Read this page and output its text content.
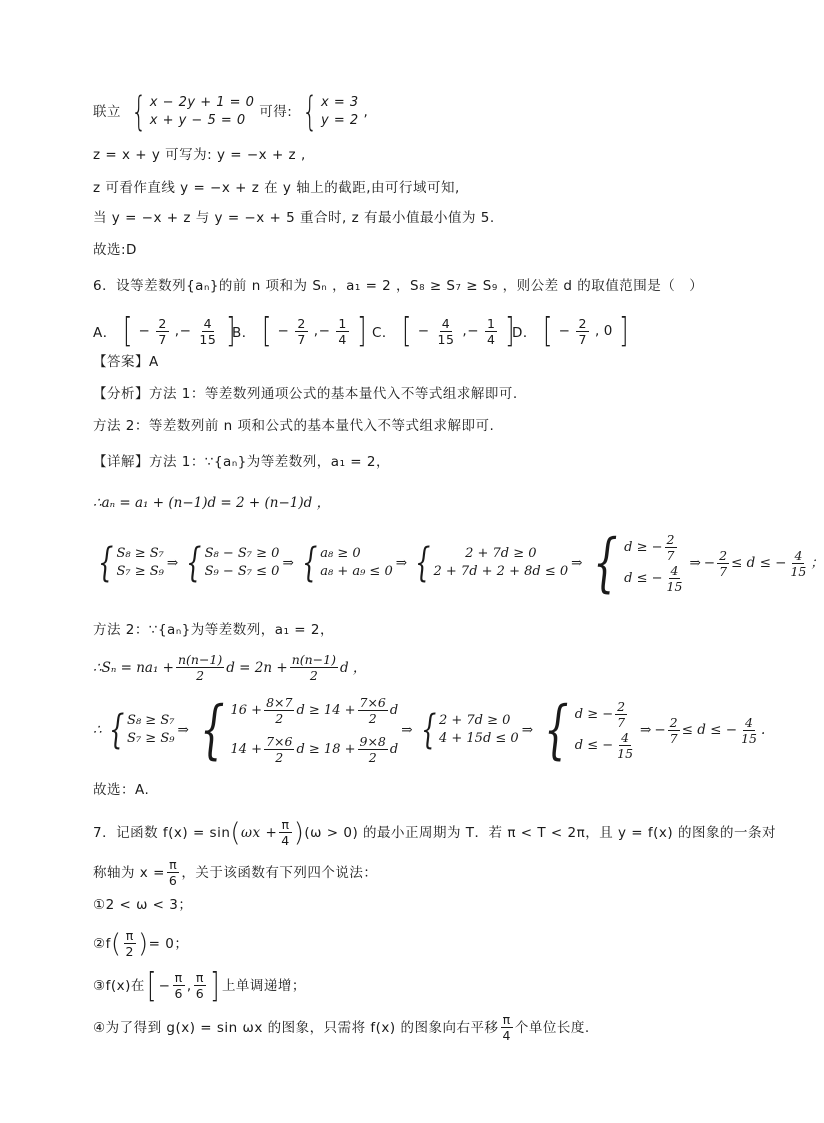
联立 { x − 2y + 1 = 0
x + y − 5 = 0
可得: { x = 3
y = 2
,
z = x + y 可写为: y = −x + z ,
z 可看作直线 y = −x + z 在 y 轴上的截距,由可行域可知,
当 y = −x + z 与 y = −x + 5 重合时, z 有最小值最小值为 5.
故选:D
6．设等差数列{aₙ}的前 n 项和为 Sₙ ，a₁ = 2 ，S₈ ≥ S₇ ≥ S₉ ，则公差 d 的取值范围是（　）
A． [ − $\frac{2}{7}$ ,− $\frac{4}{15}$ ]
B． [ − $\frac{2}{7}$ ,− $\frac{1}{4}$ ] C． [ − $\frac{4}{15}$ ,− $\frac{1}{4}$ ]
D． [ − $\frac{2}{7}$ , 0 ]
【答案】A
【分析】方法 1：等差数列通项公式的基本量代入不等式组求解即可.
方法 2：等差数列前 n 项和公式的基本量代入不等式组求解即可.
【详解】方法 1：∵{aₙ}为等差数列，a₁ = 2，
∴aₙ = a₁ + (n−1)d = 2 + (n−1)d ，
{ S₈ ≥ S₇
S₇ ≥ S₉
⇒ { S₈ − S₇ ≥ 0
S₉ − S₇ ≤ 0
⇒ { a₈ ≥ 0
a₈ + a₉ ≤ 0
⇒ {	2 + 7d ≥ 0
2 + 7d + 2 + 8d ≤ 0
⇒ { d ≥ − $\frac{2}{7}$
d ≤ − $\frac{4}{15}$ ⇒ − $\frac{2}{7} \le d$ ≤ − $\frac{4}{15}$ ；
方法 2：∵{aₙ}为等差数列，a₁ = 2，
∴Sₙ = $na_1 + \frac{n(n-1)}{2}$ $d = 2n + \frac{n(n-1)}{2}$ d ，
∴ { S₈ ≥ S₇
S₇ ≥ S₉
⇒ { $16 + \frac{8\times 7}{2}$ $d \ge 14 + \frac{7\times 6}{2}$ d
$14 + \frac{7\times 6}{2}$ $d \ge 18 + \frac{9\times 8}{2}$ d
⇒ { 2 + 7d ≥ 0
4 + 15d ≤ 0
⇒ { d ≥ − $\frac{2}{7}$
d ≤ − $\frac{4}{15}$ ⇒ − $\frac{2}{7} \le d$ ≤ − $\frac{4}{15}$ .
故选：A.
7．记函数 f(x) = sin ( $\omega x + \frac{\pi}{4}$ ) (ω > 0) 的最小正周期为 T．若 π < T < 2π，且 y = f(x) 的图象的一条对
称轴为 $x = \frac{\pi}{6}$ ，关于该函数有下列四个说法：
①2 < ω < 3；
②f ( $\frac{\pi}{2}$ ) = 0；
③f(x)在 [ − $\frac{\pi}{6}$ , $\frac{\pi}{6}$ ] 上单调递增；
④为了得到 g(x) = sin ωx 的图象，只需将 f(x) 的图象向右平移 $\frac{\pi}{4}$ 个单位长度.
